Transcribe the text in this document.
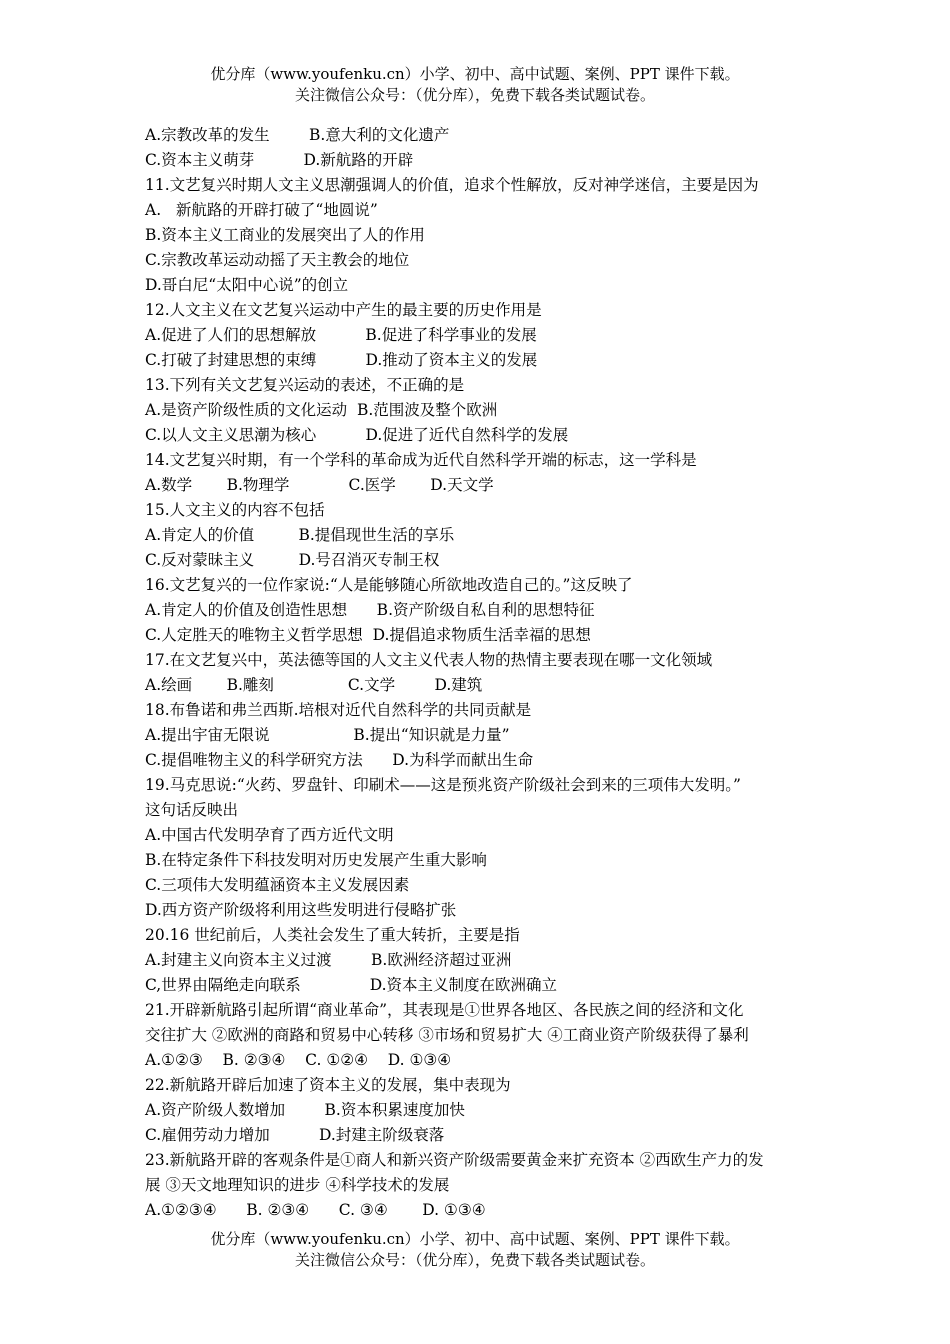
优分库（www.youfenku.cn）小学、初中、高中试题、案例、PPT 课件下载。
关注微信公众号：（优分库），免费下载各类试题试卷。
A.宗教改革的发生        B.意大利的文化遗产
C.资本主义萌芽          D.新航路的开辟
11.文艺复兴时期人文主义思潮强调人的价值，追求个性解放，反对神学迷信，主要是因为
A.   新航路的开辟打破了“地圆说”
B.资本主义工商业的发展突出了人的作用
C.宗教改革运动动摇了天主教会的地位
D.哥白尼“太阳中心说”的创立
12.人文主义在文艺复兴运动中产生的最主要的历史作用是
A.促进了人们的思想解放          B.促进了科学事业的发展
C.打破了封建思想的束缚          D.推动了资本主义的发展
13.下列有关文艺复兴运动的表述，不正确的是
A.是资产阶级性质的文化运动  B.范围波及整个欧洲
C.以人文主义思潮为核心          D.促进了近代自然科学的发展
14.文艺复兴时期，有一个学科的革命成为近代自然科学开端的标志，这一学科是
A.数学       B.物理学            C.医学       D.天文学
15.人文主义的内容不包括
A.肯定人的价值         B.提倡现世生活的享乐
C.反对蒙昧主义         D.号召消灭专制王权
16.文艺复兴的一位作家说:“人是能够随心所欲地改造自己的。”这反映了
A.肯定人的价值及创造性思想      B.资产阶级自私自利的思想特征
C.人定胜天的唯物主义哲学思想  D.提倡追求物质生活幸福的思想
17.在文艺复兴中，英法德等国的人文主义代表人物的热情主要表现在哪一文化领域
A.绘画       B.雕刻               C.文学        D.建筑
18.布鲁诺和弗兰西斯.培根对近代自然科学的共同贡献是
A.提出宇宙无限说                 B.提出“知识就是力量”
C.提倡唯物主义的科学研究方法      D.为科学而献出生命
19.马克思说:“火药、罗盘针、印刷术——这是预兆资产阶级社会到来的三项伟大发明。”
这句话反映出
A.中国古代发明孕育了西方近代文明
B.在特定条件下科技发明对历史发展产生重大影响
C.三项伟大发明蕴涵资本主义发展因素
D.西方资产阶级将利用这些发明进行侵略扩张
20.16 世纪前后，人类社会发生了重大转折，主要是指
A.封建主义向资本主义过渡        B.欧洲经济超过亚洲
C,世界由隔绝走向联系              D.资本主义制度在欧洲确立
21.开辟新航路引起所谓“商业革命”，其表现是①世界各地区、各民族之间的经济和文化
交往扩大 ②欧洲的商路和贸易中心转移 ③市场和贸易扩大 ④工商业资产阶级获得了暴利
A.①②③    B. ②③④    C. ①②④    D. ①③④
22.新航路开辟后加速了资本主义的发展，集中表现为
A.资产阶级人数增加        B.资本积累速度加快
C.雇佣劳动力增加          D.封建主阶级衰落
23.新航路开辟的客观条件是①商人和新兴资产阶级需要黄金来扩充资本 ②西欧生产力的发
展 ③天文地理知识的进步 ④科学技术的发展
A.①②③④      B. ②③④      C. ③④       D. ①③④
优分库（www.youfenku.cn）小学、初中、高中试题、案例、PPT 课件下载。
关注微信公众号：（优分库），免费下载各类试题试卷。
